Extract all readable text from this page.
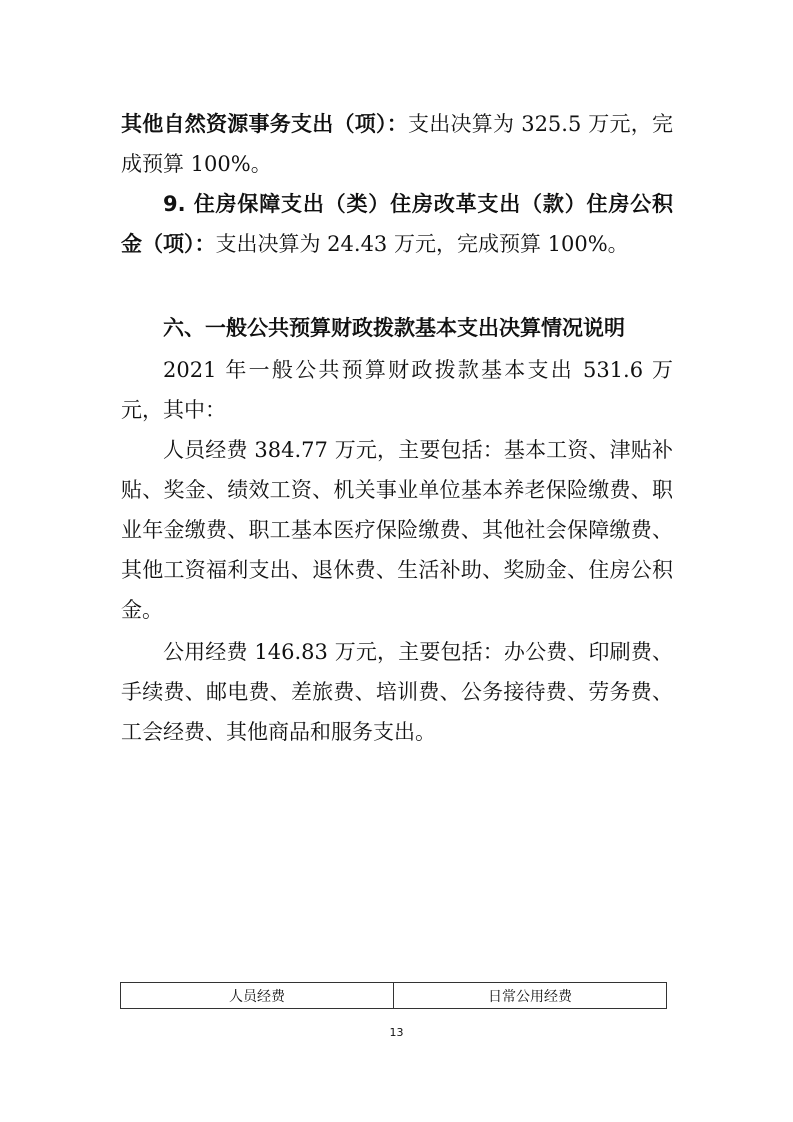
其他自然资源事务支出（项）：支出决算为 325.5 万元，完成预算 100%。

9. 住房保障支出（类）住房改革支出（款）住房公积金（项）：支出决算为 24.43 万元，完成预算 100%。

六、一般公共预算财政拨款基本支出决算情况说明

2021 年一般公共预算财政拨款基本支出 531.6 万元，其中：

人员经费 384.77 万元，主要包括：基本工资、津贴补贴、奖金、绩效工资、机关事业单位基本养老保险缴费、职业年金缴费、职工基本医疗保险缴费、其他社会保障缴费、其他工资福利支出、退休费、生活补助、奖励金、住房公积金。

公用经费 146.83 万元，主要包括：办公费、印刷费、手续费、邮电费、差旅费、培训费、公务接待费、劳务费、工会经费、其他商品和服务支出。

人员经费	日常公用经费
13
